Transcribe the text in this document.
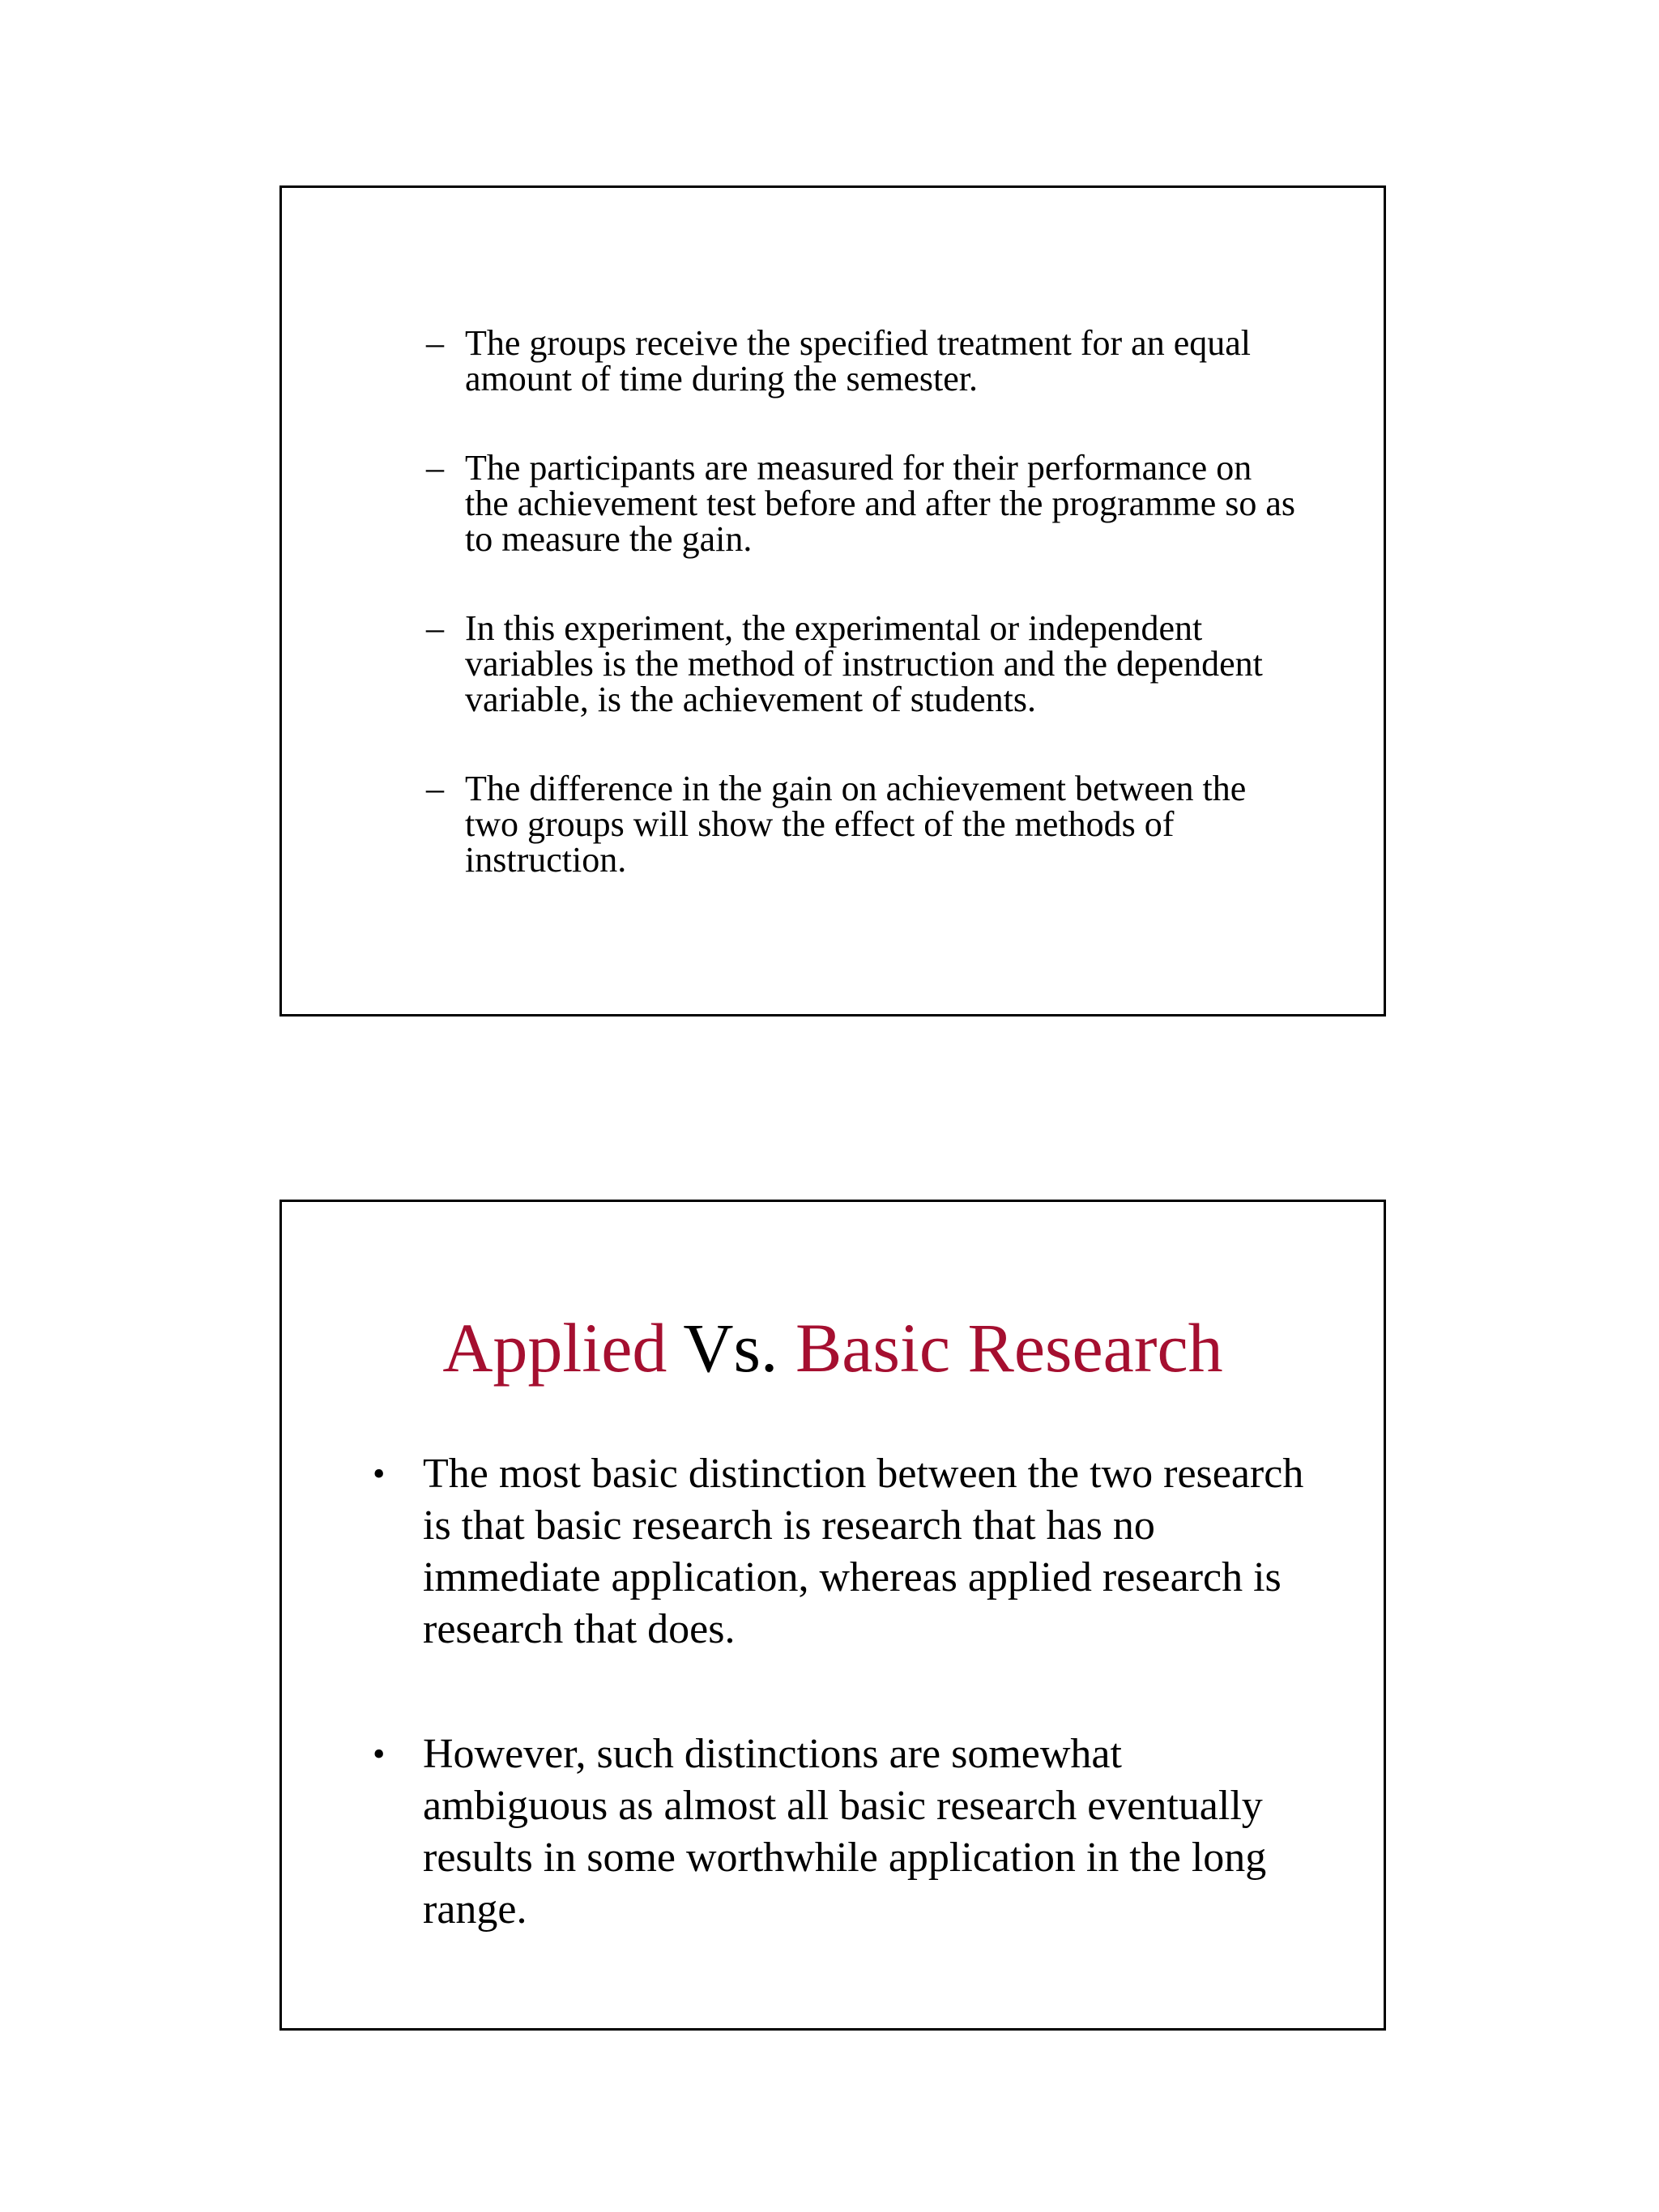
– The groups receive the specified treatment for an equal amount of time during the semester.
– The participants are measured for their performance on the achievement test before and after the programme so as to measure the gain.
– In this experiment, the experimental or independent variables is the method of instruction and the dependent variable, is the achievement of students.
– The difference in the gain on achievement between the two groups will show the effect of the methods of instruction.
Applied Vs. Basic Research
• The most basic distinction between the two research is that basic research is research that has no immediate application, whereas applied research is research that does.
• However, such distinctions are somewhat ambiguous as almost all basic research eventually results in some worthwhile application in the long range.
